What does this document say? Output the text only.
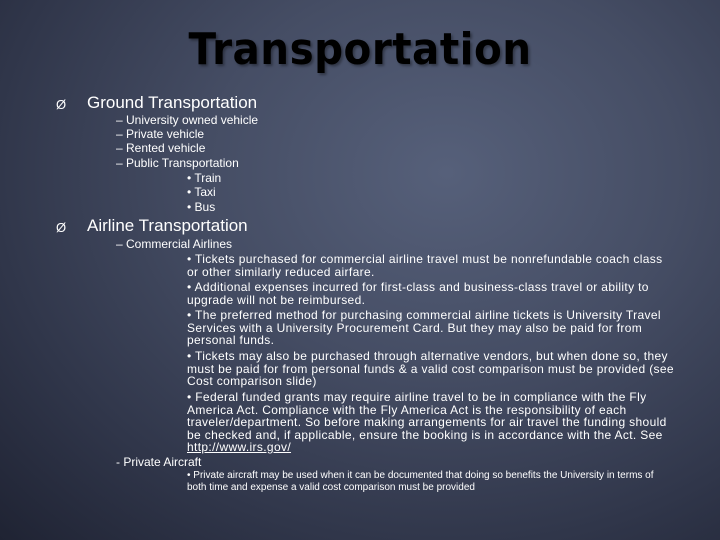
Transportation
Ø Ground Transportation
– University owned vehicle
– Private vehicle
– Rented vehicle
– Public Transportation
• Train
• Taxi
• Bus
Ø Airline Transportation
– Commercial Airlines
• Tickets purchased for commercial airline travel must be nonrefundable coach class or other similarly reduced airfare.
• Additional expenses incurred for first-class and business-class travel or ability to upgrade will not be reimbursed.
• The preferred method for purchasing commercial airline tickets is University Travel Services with a University Procurement Card. But they may also be paid for from personal funds.
• Tickets may also be purchased through alternative vendors, but when done so, they must be paid for from personal funds & a valid cost comparison must be provided (see Cost comparison slide)
• Federal funded grants may require airline travel to be in compliance with the Fly America Act. Compliance with the Fly America Act is the responsibility of each traveler/department. So before making arrangements for air travel the funding should be checked and, if applicable, ensure the booking is in accordance with the Act. See http://www.irs.gov/
- Private Aircraft
• Private aircraft may be used when it can be documented that doing so benefits the University in terms of both time and expense a valid cost comparison must be provided
